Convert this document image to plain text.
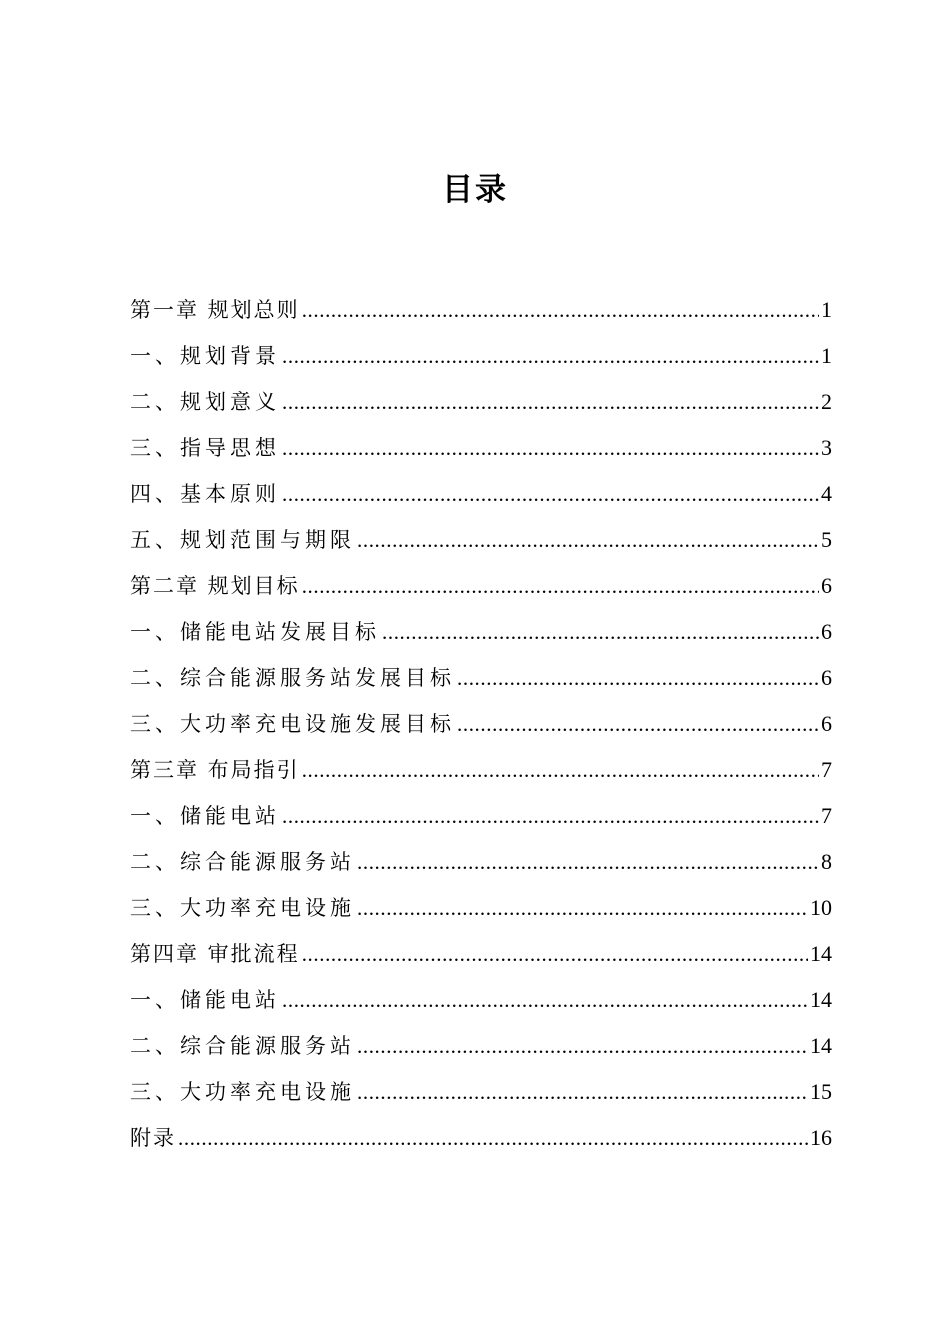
目录
第一章 规划总则 .....	1
一、规划背景 .....	1
二、规划意义 .....	2
三、指导思想 .....	3
四、基本原则 .....	4
五、规划范围与期限 .....	5
第二章 规划目标 .....	6
一、储能电站发展目标 .....	6
二、综合能源服务站发展目标 .....	6
三、大功率充电设施发展目标 .....	6
第三章 布局指引 .....	7
一、储能电站 .....	7
二、综合能源服务站 .....	8
三、大功率充电设施 .....	10
第四章 审批流程 .....	14
一、储能电站 .....	14
二、综合能源服务站 .....	14
三、大功率充电设施 .....	15
附录 .....	16
